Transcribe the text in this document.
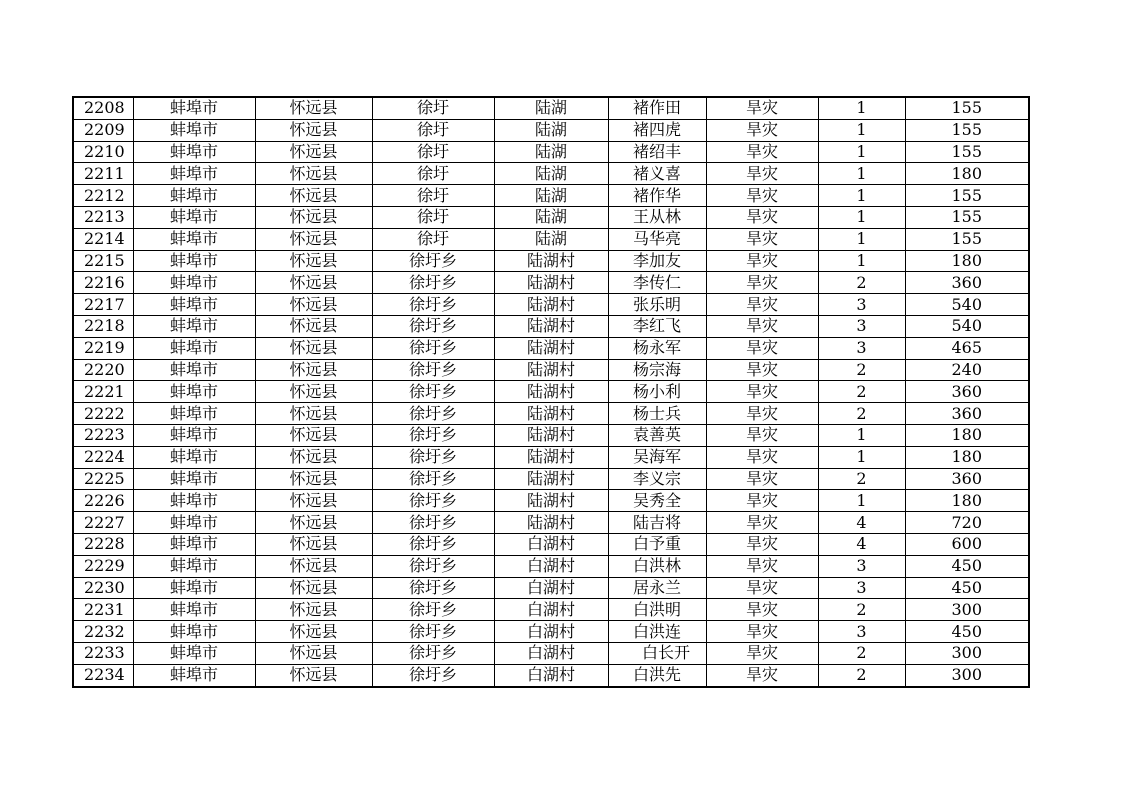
2208	蚌埠市	怀远县	徐圩	陆湖	褚作田	旱灾	1	155
2209	蚌埠市	怀远县	徐圩	陆湖	褚四虎	旱灾	1	155
2210	蚌埠市	怀远县	徐圩	陆湖	褚绍丰	旱灾	1	155
2211	蚌埠市	怀远县	徐圩	陆湖	褚义喜	旱灾	1	180
2212	蚌埠市	怀远县	徐圩	陆湖	褚作华	旱灾	1	155
2213	蚌埠市	怀远县	徐圩	陆湖	王从林	旱灾	1	155
2214	蚌埠市	怀远县	徐圩	陆湖	马华亮	旱灾	1	155
2215	蚌埠市	怀远县	徐圩乡	陆湖村	李加友	旱灾	1	180
2216	蚌埠市	怀远县	徐圩乡	陆湖村	李传仁	旱灾	2	360
2217	蚌埠市	怀远县	徐圩乡	陆湖村	张乐明	旱灾	3	540
2218	蚌埠市	怀远县	徐圩乡	陆湖村	李红飞	旱灾	3	540
2219	蚌埠市	怀远县	徐圩乡	陆湖村	杨永军	旱灾	3	465
2220	蚌埠市	怀远县	徐圩乡	陆湖村	杨宗海	旱灾	2	240
2221	蚌埠市	怀远县	徐圩乡	陆湖村	杨小利	旱灾	2	360
2222	蚌埠市	怀远县	徐圩乡	陆湖村	杨士兵	旱灾	2	360
2223	蚌埠市	怀远县	徐圩乡	陆湖村	袁善英	旱灾	1	180
2224	蚌埠市	怀远县	徐圩乡	陆湖村	吴海军	旱灾	1	180
2225	蚌埠市	怀远县	徐圩乡	陆湖村	李义宗	旱灾	2	360
2226	蚌埠市	怀远县	徐圩乡	陆湖村	吴秀全	旱灾	1	180
2227	蚌埠市	怀远县	徐圩乡	陆湖村	陆吉将	旱灾	4	720
2228	蚌埠市	怀远县	徐圩乡	白湖村	白予重	旱灾	4	600
2229	蚌埠市	怀远县	徐圩乡	白湖村	白洪林	旱灾	3	450
2230	蚌埠市	怀远县	徐圩乡	白湖村	居永兰	旱灾	3	450
2231	蚌埠市	怀远县	徐圩乡	白湖村	白洪明	旱灾	2	300
2232	蚌埠市	怀远县	徐圩乡	白湖村	白洪连	旱灾	3	450
2233	蚌埠市	怀远县	徐圩乡	白湖村	白长开	旱灾	2	300
2234	蚌埠市	怀远县	徐圩乡	白湖村	白洪先	旱灾	2	300
